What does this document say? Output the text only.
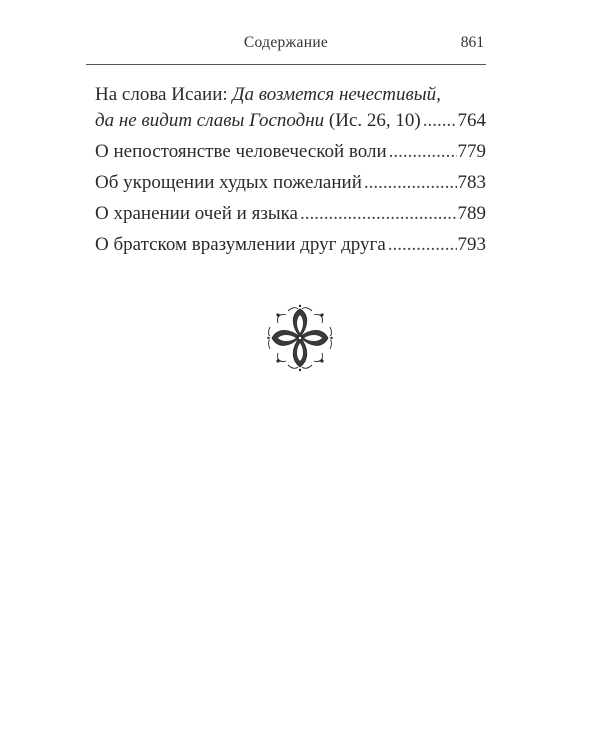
Содержание	861
На слова Исаии: Да возмется нечестивый,
да не видит славы Господни (Ис. 26, 10) ..... 764
О непостоянстве человеческой воли .....	779
Об укрощении худых пожеланий .....	783
О хранении очей и языка .....	789
О братском вразумлении друг друга .....	793
